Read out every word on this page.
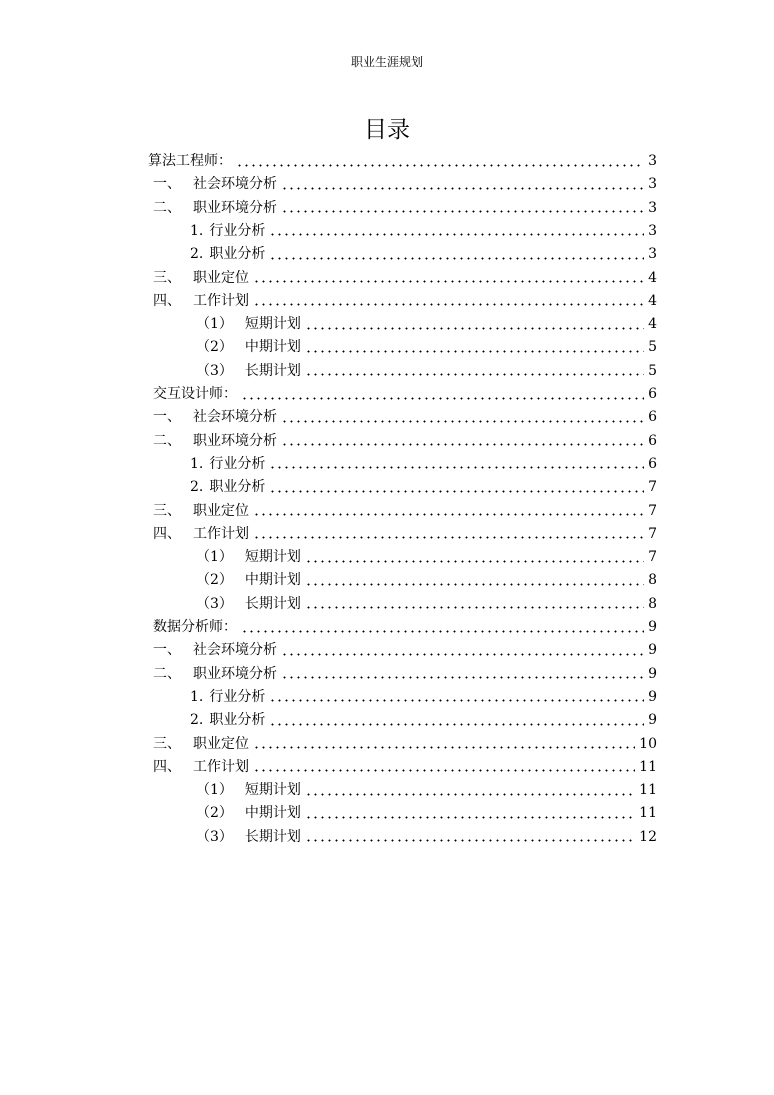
职业生涯规划
目录
算法工程师：	3
一、 社会环境分析	3
二、 职业环境分析	3
1. 行业分析	3
2. 职业分析	3
三、 职业定位	4
四、 工作计划	4
（1） 短期计划	4
（2） 中期计划	5
（3） 长期计划	5
交互设计师：	6
一、 社会环境分析	6
二、 职业环境分析	6
1. 行业分析	6
2. 职业分析	7
三、 职业定位	7
四、 工作计划	7
（1） 短期计划	7
（2） 中期计划	8
（3） 长期计划	8
数据分析师：	9
一、 社会环境分析	9
二、 职业环境分析	9
1. 行业分析	9
2. 职业分析	9
三、 职业定位	10
四、 工作计划	11
（1） 短期计划	11
（2） 中期计划	11
（3） 长期计划	12
